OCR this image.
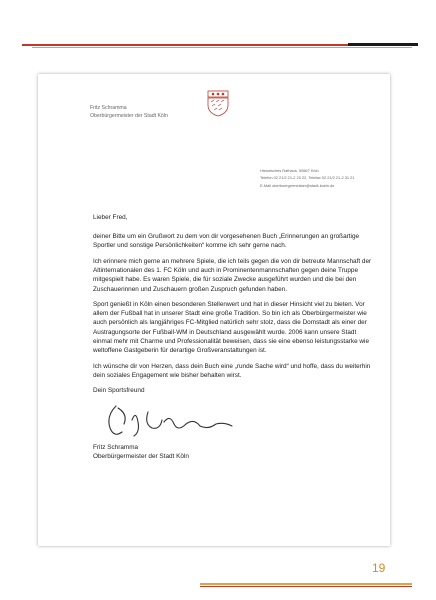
Fritz Schramma
Oberbürgermeister der Stadt Köln
Historisches Rathaus, 50667 Köln
Telefon 02 21/2 21-2 20 22, Telefax 02 21/2 21-2 31 21
E-Mail oberbuergermeister@stadt-koeln.de

Lieber Fred,

deiner Bitte um ein Grußwort zu dem von dir vorgesehenen Buch „Erinnerungen an großartige Sportler und sonstige Persönlichkeiten“ komme ich sehr gerne nach.

Ich erinnere mich gerne an mehrere Spiele, die ich teils gegen die von dir betreute Mannschaft der Altinternationalen des 1. FC Köln und auch in Prominentenmannschaften gegen deine Truppe mitgespielt habe. Es waren Spiele, die für soziale Zwecke ausgeführt wurden und die bei den Zuschauerinnen und Zuschauern großen Zuspruch gefunden haben.

Sport genießt in Köln einen besonderen Stellenwert und hat in dieser Hinsicht viel zu bieten. Vor allem der Fußball hat in unserer Stadt eine große Tradition. So bin ich als Oberbürgermeister wie auch persönlich als langjähriges FC-Mitglied natürlich sehr stolz, dass die Domstadt als einer der Austragungsorte der Fußball-WM in Deutschland ausgewählt wurde. 2006 kann unsere Stadt einmal mehr mit Charme und Professionalität beweisen, dass sie eine ebenso leistungsstarke wie weltoffene Gastgeberin für derartige Großveranstaltungen ist.

Ich wünsche dir von Herzen, dass dein Buch eine „runde Sache wird“ und hoffe, dass du weiterhin dein soziales Engagement wie bisher behalten wirst.

Dein Sportsfreund

Fritz Schramma
Oberbürgermeister der Stadt Köln
19
